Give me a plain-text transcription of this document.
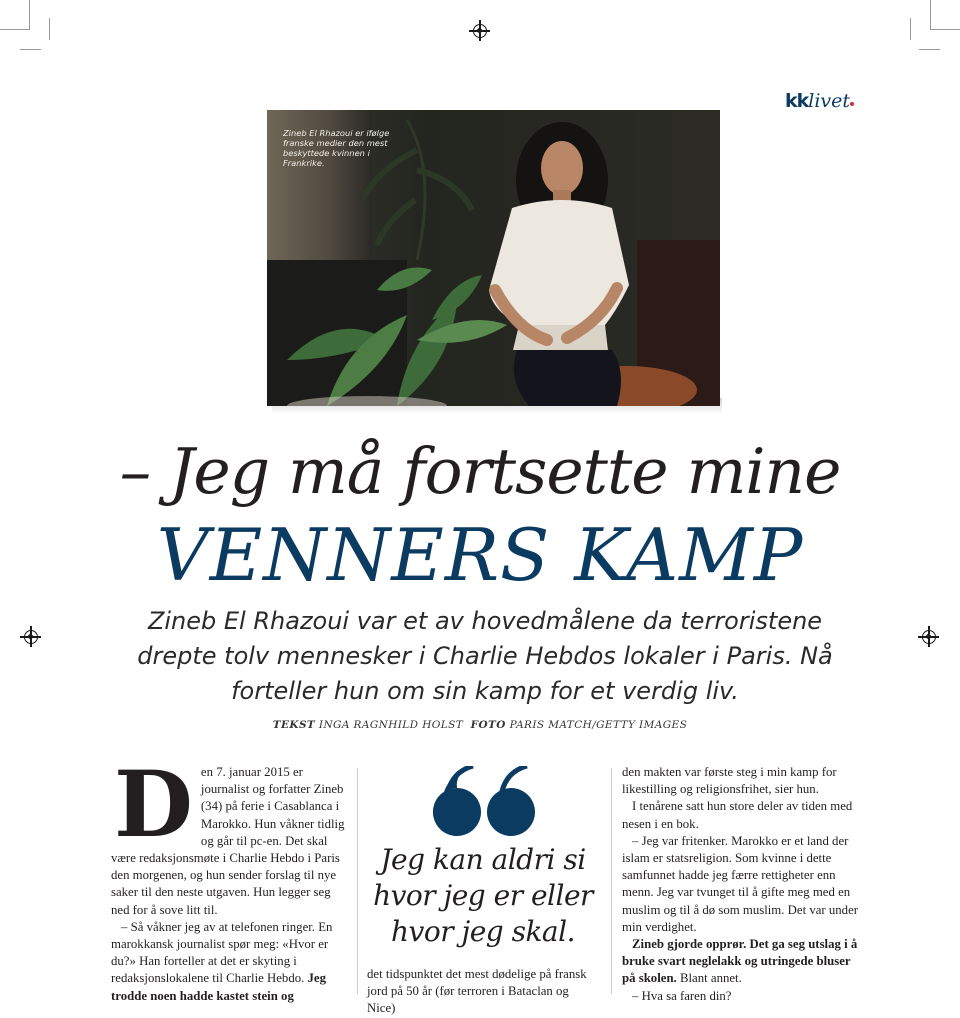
kklivet
Zineb El Rhazoui er ifølge franske medier den mest beskyttede kvinnen i Frankrike.
– Jeg må fortsette mine
VENNERS KAMP
Zineb El Rhazoui var et av hovedmålene da terroristene drepte tolv mennesker i Charlie Hebdos lokaler i Paris. Nå forteller hun om sin kamp for et verdig liv.
TEKST INGA RAGNHILD HOLST FOTO PARIS MATCH/GETTY IMAGES

Den 7. januar 2015 er journalist og forfatter Zineb (34) på ferie i Casablanca i Marokko. Hun våkner tidlig og går til pc-en. Det skal være redaksjonsmøte i Charlie Hebdo i Paris den morgenen, og hun sender forslag til nye saker til den neste utgaven. Hun legger seg ned for å sove litt til.

– Så våkner jeg av at telefonen ringer. En marokkansk journalist spør meg: «Hvor er du?» Han forteller at det er skyting i redaksjonslokalene til Charlie Hebdo. Jeg trodde noen hadde kastet stein og

Jeg kan aldri si hvor jeg er eller hvor jeg skal.

det tidspunktet det mest dødelige på fransk jord på 50 år (før terroren i Bataclan og Nice)

den makten var første steg i min kamp for likestilling og religionsfrihet, sier hun.

I tenårene satt hun store deler av tiden med nesen i en bok.

– Jeg var fritenker. Marokko er et land der islam er statsreligion. Som kvinne i dette samfunnet hadde jeg færre rettigheter enn menn. Jeg var tvunget til å gifte meg med en muslim og til å dø som muslim. Det var under min verdighet.

Zineb gjorde opprør. Det ga seg utslag i å bruke svart neglelakk og utringede bluser på skolen. Blant annet.

– Hva sa faren din?
